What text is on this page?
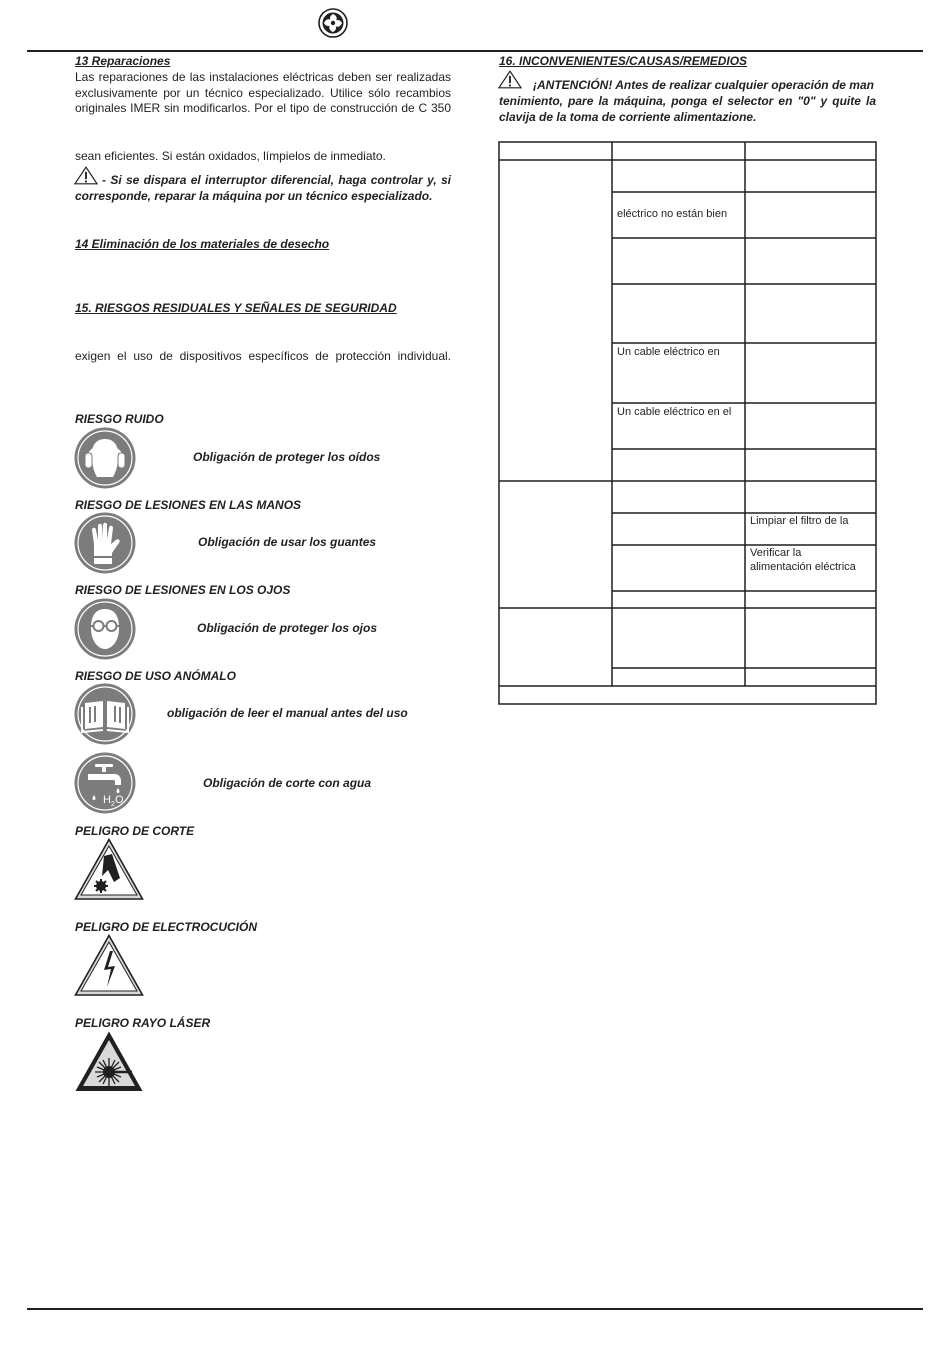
13 Reparaciones
Las reparaciones de las instalaciones eléctricas deben ser realizadas
exclusivamente por un técnico especializado. Utilice sólo recambios
originales IMER sin modificarlos. Por el tipo de construcción de C 350
sean eficientes. Si están oxidados, límpielos de inmediato.
- Si se dispara el interruptor diferencial, haga controlar y, si
corresponde, reparar la máquina por un técnico especializado.
14 Eliminación de los materiales de desecho
15. RIESGOS RESIDUALES Y SEÑALES DE SEGURIDAD
exigen el uso de dispositivos específicos de protección individual.
RIESGO RUIDO
Obligación de proteger los oídos
RIESGO DE LESIONES EN LAS MANOS
Obligación de usar los guantes
RIESGO DE LESIONES EN LOS OJOS
Obligación de proteger los ojos
RIESGO DE USO ANÓMALO
obligación de leer el manual antes del uso
H 2 O
Obligación de corte con agua
PELIGRO DE CORTE
PELIGRO DE ELECTROCUCIÓN
PELIGRO RAYO LÁSER
16. INCONVENIENTES/CAUSAS/REMEDIOS
¡ANTENCIÓN! Antes de realizar cualquier operación de man
tenimiento, pare la máquina, ponga el selector en "0" y quite la
clavija de la toma de corriente alimentazione.
eléctrico no están bien
Un cable eléctrico en
Un cable eléctrico en el
Limpiar el filtro de la
Verificar la
alimentación eléctrica
